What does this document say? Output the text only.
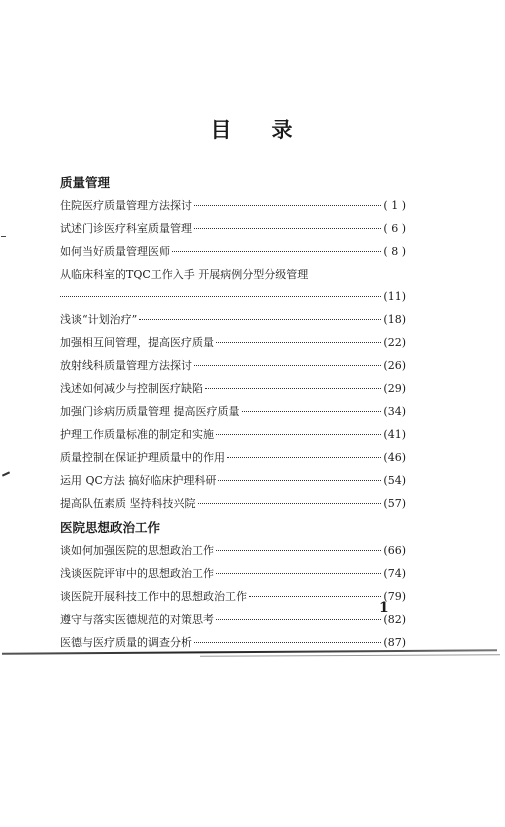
目 录
质量管理
住院医疗质量管理方法探讨	( 1 )
试述门诊医疗科室质量管理	( 6 )
如何当好质量管理医师	( 8 )
从临床科室的TQC工作入手 开展病例分型分级管理
(11)
浅谈“计划治疗”	(18)
加强相互间管理，提高医疗质量	(22)
放射线科质量管理方法探讨	(26)
浅述如何减少与控制医疗缺陷	(29)
加强门诊病历质量管理 提高医疗质量	(34)
护理工作质量标准的制定和实施	(41)
质量控制在保证护理质量中的作用	(46)
运用 QC方法 搞好临床护理科研	(54)
提高队伍素质 坚持科技兴院	(57)
医院思想政治工作
谈如何加强医院的思想政治工作	(66)
浅谈医院评审中的思想政治工作	(74)
谈医院开展科技工作中的思想政治工作	(79)
遵守与落实医德规范的对策思考	(82)
医德与医疗质量的调查分析	(87)
1
